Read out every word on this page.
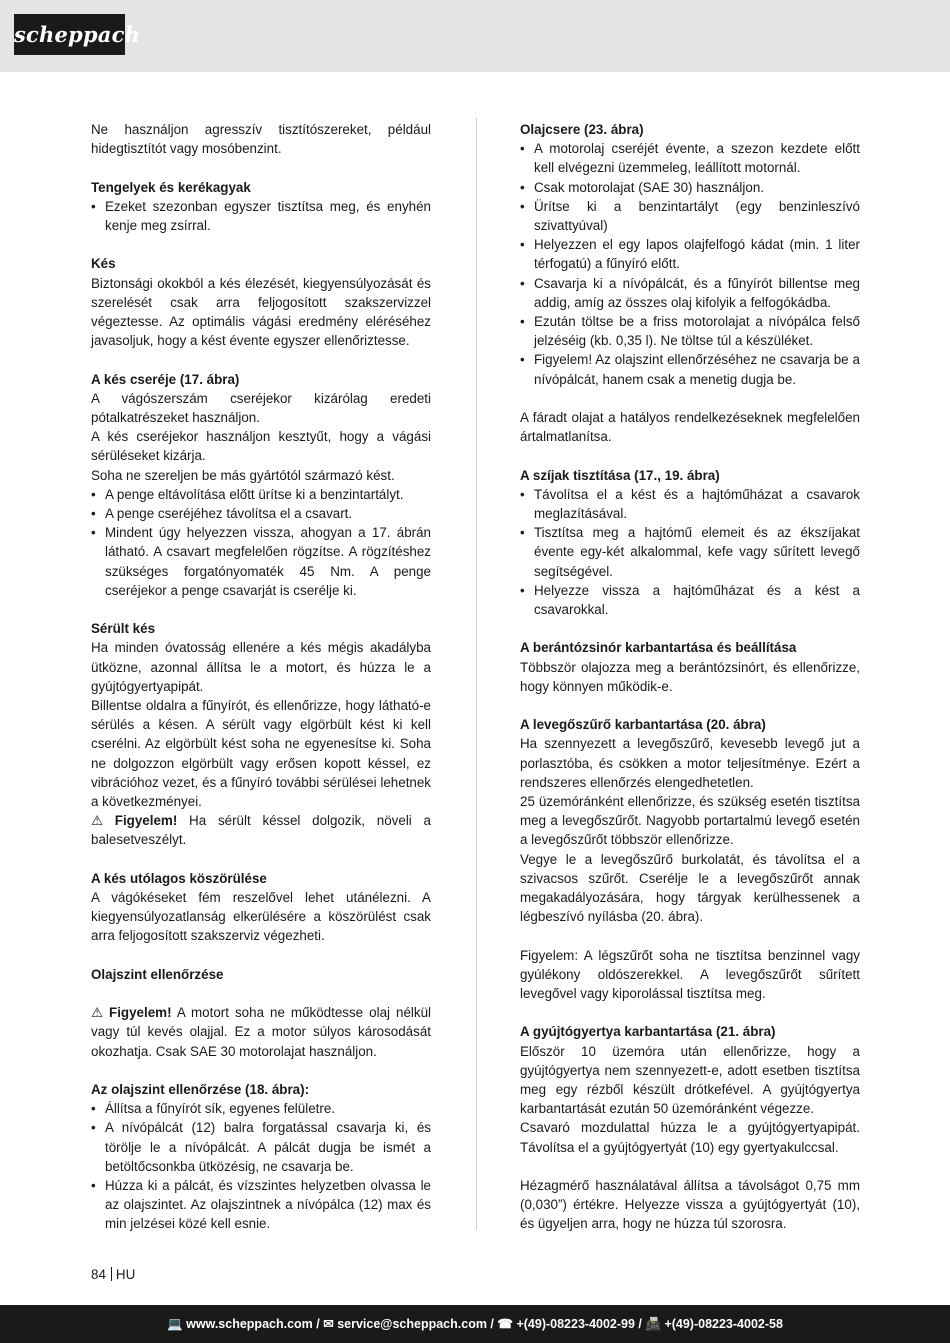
scheppach

Ne használjon agresszív tisztítószereket, például hidegtisztítót vagy mosóbenzint.

Tengelyek és kerékagyak
• Ezeket szezonban egyszer tisztítsa meg, és enyhén kenje meg zsírral.
Kés

Biztonsági okokból a kés élezését, kiegyensúlyozását és szerelését csak arra feljogosított szakszervizzel végeztesse. Az optimális vágási eredmény eléréséhez javasoljuk, hogy a kést évente egyszer ellenőriztesse.

A kés cseréje (17. ábra)

A vágószerszám cseréjekor kizárólag eredeti pótalkatrészeket használjon.

A kés cseréjekor használjon kesztyűt, hogy a vágási sérüléseket kizárja.

Soha ne szereljen be más gyártótól származó kést.

• A penge eltávolítása előtt ürítse ki a benzintartályt.
• A penge cseréjéhez távolítsa el a csavart.
• Mindent úgy helyezzen vissza, ahogyan a 17. ábrán látható. A csavart megfelelően rögzítse. A rögzítéshez szükséges forgatónyomaték 45 Nm. A penge cseréjekor a penge csavarját is cserélje ki.
Sérült kés

Ha minden óvatosság ellenére a kés mégis akadályba ütközne, azonnal állítsa le a motort, és húzza le a gyújtógyertyapipát.

Billentse oldalra a fűnyírót, és ellenőrizze, hogy látható-e sérülés a késen. A sérült vagy elgörbült kést ki kell cserélni. Az elgörbült kést soha ne egyenesítse ki. Soha ne dolgozzon elgörbült vagy erősen kopott késsel, ez vibrációhoz vezet, és a fűnyíró további sérülései lehetnek a következményei.

⚠ Figyelem! Ha sérült késsel dolgozik, növeli a balesetveszélyt.

A kés utólagos köszörülése

A vágókéseket fém reszelővel lehet utánélezni. A kiegyensúlyozatlanság elkerülésére a köszörülést csak arra feljogosított szakszerviz végezheti.

Olajszint ellenőrzése

⚠ Figyelem! A motort soha ne működtesse olaj nélkül vagy túl kevés olajjal. Ez a motor súlyos károsodását okozhatja. Csak SAE 30 motorolajat használjon.

Az olajszint ellenőrzése (18. ábra):
• Állítsa a fűnyírót sík, egyenes felületre.
• A nívópálcát (12) balra forgatással csavarja ki, és törölje le a nívópálcát. A pálcát dugja be ismét a betöltőcsonkba ütközésig, ne csavarja be.
• Húzza ki a pálcát, és vízszintes helyzetben olvassa le az olajszintet. Az olajszintnek a nívópálca (12) max és min jelzései közé kell esnie.
Olajcsere (23. ábra)
• A motorolaj cseréjét évente, a szezon kezdete előtt kell elvégezni üzemmeleg, leállított motornál.
• Csak motorolajat (SAE 30) használjon.
• Ürítse ki a benzintartályt (egy benzinleszívó szivattyúval)
• Helyezzen el egy lapos olajfelfogó kádat (min. 1 liter térfogatú) a fűnyíró előtt.
• Csavarja ki a nívópálcát, és a fűnyírót billentse meg addig, amíg az összes olaj kifolyik a felfogókádba.
• Ezután töltse be a friss motorolajat a nívópálca felső jelzéséig (kb. 0,35 l). Ne töltse túl a készüléket.
• Figyelem! Az olajszint ellenőrzéséhez ne csavarja be a nívópálcát, hanem csak a menetig dugja be.

A fáradt olajat a hatályos rendelkezéseknek megfelelően ártalmatlanítsa.

A szíjak tisztítása (17., 19. ábra)
• Távolítsa el a kést és a hajtóműházat a csavarok meglazításával.
• Tisztítsa meg a hajtómű elemeit és az ékszíjakat évente egy-két alkalommal, kefe vagy sűrített levegő segítségével.
• Helyezze vissza a hajtóműházat és a kést a csavarokkal.
A berántózsinór karbantartása és beállítása

Többször olajozza meg a berántózsinórt, és ellenőrizze, hogy könnyen működik-e.

A levegőszűrő karbantartása (20. ábra)

Ha szennyezett a levegőszűrő, kevesebb levegő jut a porlasztóba, és csökken a motor teljesítménye. Ezért a rendszeres ellenőrzés elengedhetetlen.

25 üzemóránként ellenőrizze, és szükség esetén tisztítsa meg a levegőszűrőt. Nagyobb portartalmú levegő esetén a levegőszűrőt többször ellenőrizze.

Vegye le a levegőszűrő burkolatát, és távolítsa el a szivacsos szűrőt. Cserélje le a levegőszűrőt annak megakadályozására, hogy tárgyak kerülhessenek a légbeszívó nyílásba (20. ábra).

Figyelem: A légszűrőt soha ne tisztítsa benzinnel vagy gyúlékony oldószerekkel. A levegőszűrőt sűrített levegővel vagy kiporolással tisztítsa meg.

A gyújtógyertya karbantartása (21. ábra)

Először 10 üzemóra után ellenőrizze, hogy a gyújtógyertya nem szennyezett-e, adott esetben tisztítsa meg egy rézből készült drótkefével. A gyújtógyertya karbantartását ezután 50 üzemóránként végezze.

Csavaró mozdulattal húzza le a gyújtógyertyapipát. Távolítsa el a gyújtógyertyát (10) egy gyertyakulccsal.

Hézagmérő használatával állítsa a távolságot 0,75 mm (0,030”) értékre. Helyezze vissza a gyújtógyertyát (10), és ügyeljen arra, hogy ne húzza túl szorosra.

84 HU
💻 www.scheppach.com / ✉ service@scheppach.com / ☎ +(49)-08223-4002-99 / 📠 +(49)-08223-4002-58
